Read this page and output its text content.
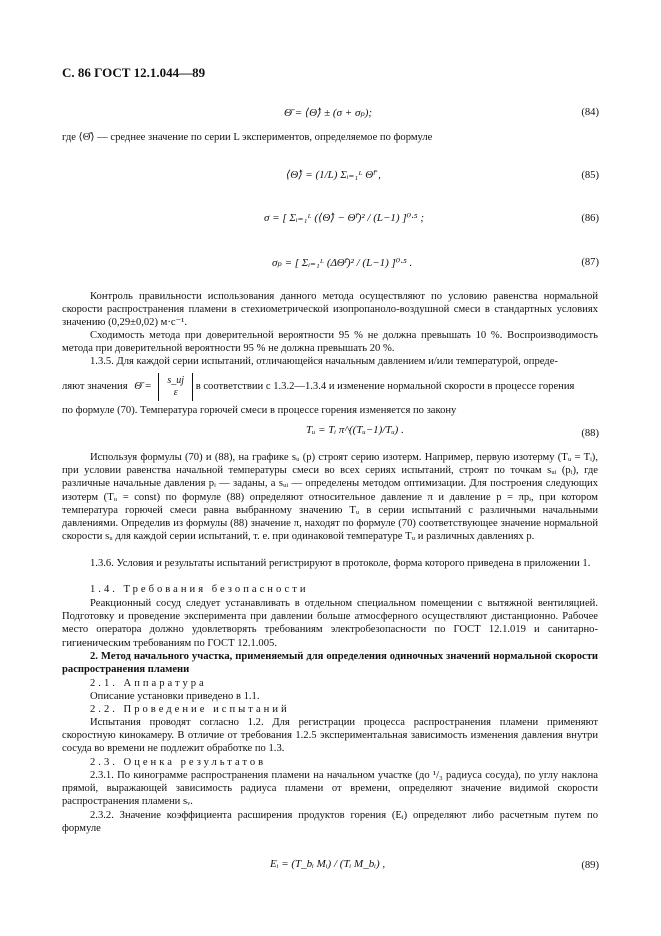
С. 86 ГОСТ 12.1.044—89
Θ̄ = ⟨Θ̂⟩ ± (σ + σₚ);	(84)
где ⟨Θ̂⟩ — среднее значение по серии L экспериментов, определяемое по формуле
⟨Θ̂⟩ = (1/L) Σᵢ₌₁ᴸ Θ̂ⁱ ,	(85)
σ = [ Σᵢ₌₁ᴸ (⟨Θ̂⟩ − Θ̂ⁱ)² / (L−1) ]⁰·⁵ ;	(86)
σₚ = [ Σᵢ₌₁ᴸ (ΔΘ̂ⁱ)² / (L−1) ]⁰·⁵ .	(87)
Контроль правильности использования данного метода осуществляют по условию равенства нормальной скорости распространения пламени в стехиометрической изопропаноло-воздушной смеси в стандартных условиях значению (0,29±0,02) м·с⁻¹.
Сходимость метода при доверительной вероятности 95 % не должна превышать 10 %. Воспроизводимость метода при доверительной вероятности 95 % не должна превышать 20 %.
1.3.5. Для каждой серии испытаний, отличающейся начальным давлением и/или температурой, опреде-
ляют значения Θ̄ =
s_uj
ε
в соответствии с 1.3.2—1.3.4 и изменение нормальной скорости в процессе горения
по формуле (70). Температура горючей смеси в процессе горения изменяется по закону
Tᵤ = Tᵢ π^((Tᵤ−1)/Tᵤ) .	(88)
Используя формулы (70) и (88), на графике sᵤ (p) строят серию изотерм. Например, первую изотерму (Tᵤ = Tᵢ), при условии равенства начальной температуры смеси во всех сериях испытаний, строят по точкам sᵤᵢ (pᵢ), где различные начальные давления pᵢ — заданы, а sᵤᵢ — определены методом оптимизации. Для построения следующих изотерм (Tᵤ = const) по формуле (88) определяют относительное давление π и давление p = πpᵢ, при котором температура горючей смеси равна выбранному значению Tᵤ в серии испытаний с различными начальными давлениями. Определив из формулы (88) значение π, находят по формуле (70) соответствующее значение нормальной скорости sᵤ для каждой серии испытаний, т. е. при одинаковой температуре Tᵤ и различных давлениях p.
1.3.6. Условия и результаты испытаний регистрируют в протоколе, форма которого приведена в приложении 1.
1.4. Требования безопасности
Реакционный сосуд следует устанавливать в отдельном специальном помещении с вытяжной вентиляцией. Подготовку и проведение эксперимента при давлении больше атмосферного осуществляют дистанционно. Рабочее место оператора должно удовлетворять требованиям электробезопасности по ГОСТ 12.1.019 и санитарно-гигиеническим требованиям по ГОСТ 12.1.005.
2. Метод начального участка, применяемый для определения одиночных значений нормальной скорости распространения пламени
2.1. Аппаратура
Описание установки приведено в 1.1.
2.2. Проведение испытаний
Испытания проводят согласно 1.2. Для регистрации процесса распространения пламени применяют скоростную кинокамеру. В отличие от требования 1.2.5 экспериментальная зависимость изменения давления внутри сосуда во времени не подлежит обработке по 1.3.
2.3. Оценка результатов
2.3.1. По кинограмме распространения пламени на начальном участке (до ¹/₃ радиуса сосуда), по углу наклона прямой, выражающей зависимость радиуса пламени от времени, определяют значение видимой скорости распространения пламени sᵥ.
2.3.2. Значение коэффициента расширения продуктов горения (Eᵢ) определяют либо расчетным путем по формуле
Eᵢ = (T_bᵢ Mᵢ) / (Tᵢ M_bᵢ) ,	(89)
